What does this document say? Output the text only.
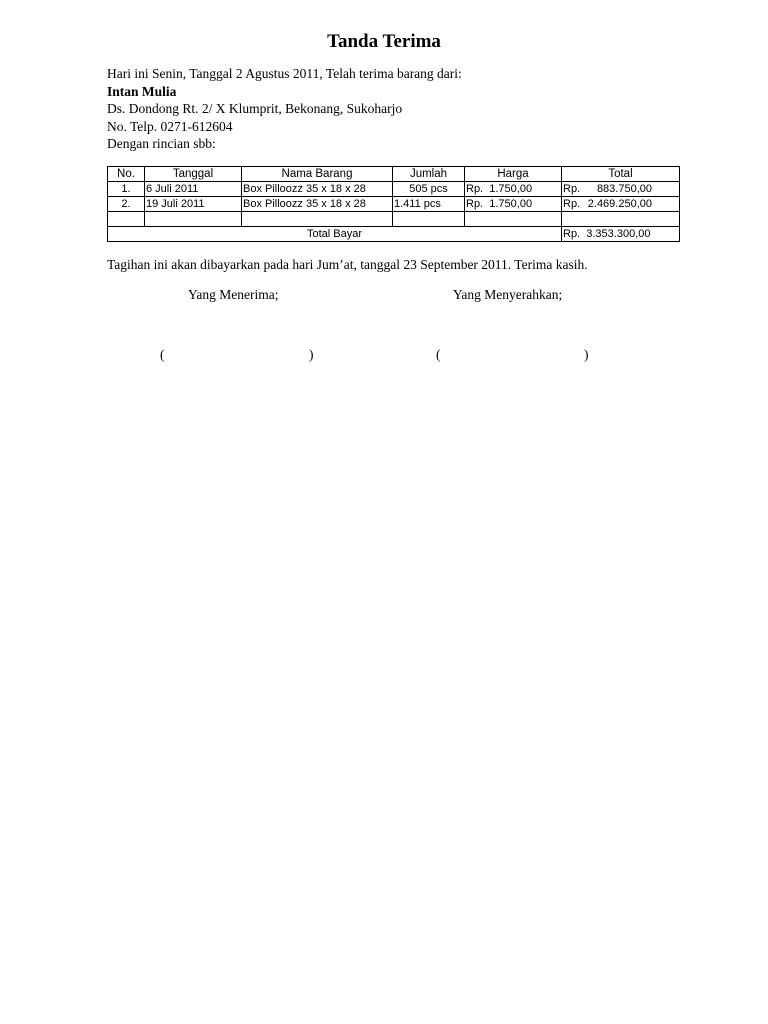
Tanda Terima
Hari ini Senin, Tanggal 2 Agustus 2011, Telah terima barang dari:
Intan Mulia
Ds. Dondong Rt. 2/ X Klumprit, Bekonang, Sukoharjo
No. Telp. 0271-612604
Dengan rincian sbb:
No.	Tanggal	Nama Barang	Jumlah	Harga	Total
1.	6 Juli 2011	Box Pilloozz 35 x 18 x 28	505 pcs	Rp. 1.750,00	Rp. 883.750,00

2.	19 Juli 2011	Box Pilloozz 35 x 18 x 28	1.411 pcs	Rp. 1.750,00	Rp. 2.469.250,00

Total Bayar					Rp. 3.353.300,00
Tagihan ini akan dibayarkan pada hari Jum’at, tanggal 23 September 2011. Terima kasih.
Yang Menerima;	Yang Menyerahkan;
(	)	(	)
